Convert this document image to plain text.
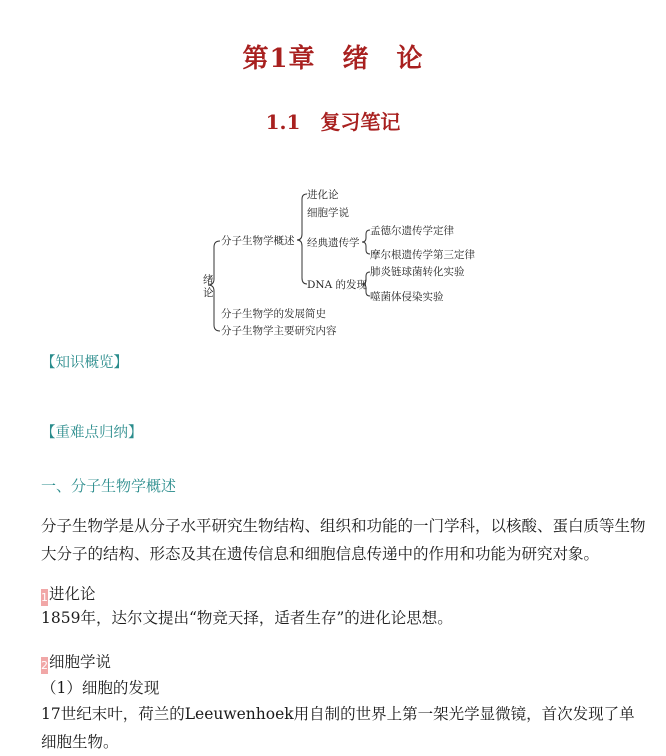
第1章　绪　论
1.1　复习笔记
绪
论
分子生物学概述
进化论
细胞学说
经典遗传学
孟德尔遗传学定律
摩尔根遗传学第三定律
DNA 的发现
肺炎链球菌转化实验
噬菌体侵染实验
分子生物学的发展简史
分子生物学主要研究内容
【知识概览】
【重难点归纳】
一、分子生物学概述
分子生物学是从分子水平研究生物结构、组织和功能的一门学科，以核酸、蛋白质等生物大分子的结构、形态及其在遗传信息和细胞信息传递中的作用和功能为研究对象。
1进化论
1859年，达尔文提出“物竞天择，适者生存”的进化论思想。
2细胞学说
（1）细胞的发现
17世纪末叶，荷兰的Leeuwenhoek用自制的世界上第一架光学显微镜，首次发现了单细胞生物。
